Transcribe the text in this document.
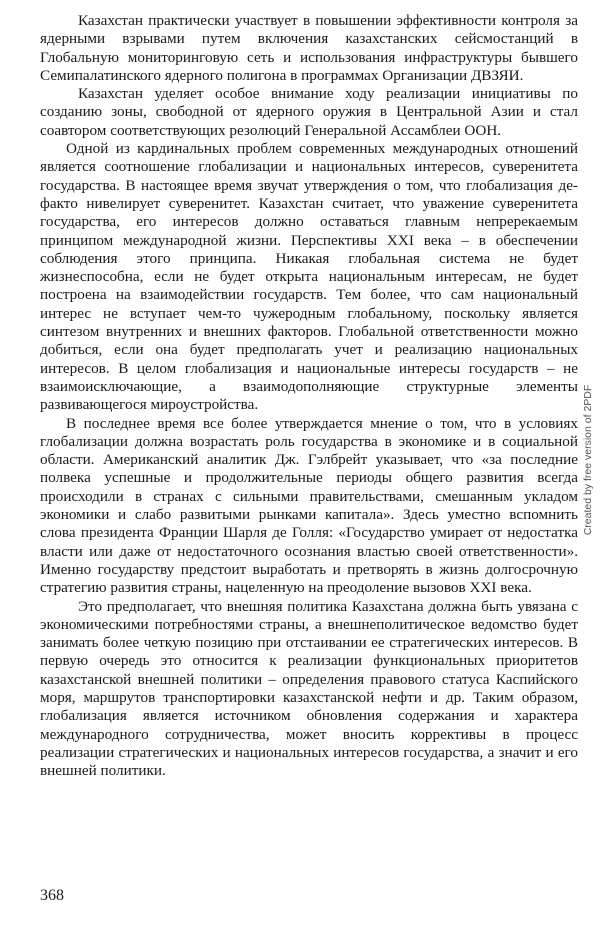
Казахстан практически участвует в повышении эффективности контроля за ядерными взрывами путем включения казахстанских сейсмостанций в Глобальную мониторинговую сеть и использования инфраструктуры бывшего Семипалатинского ядерного полигона в программах Организации ДВЗЯИ.

Казахстан уделяет особое внимание ходу реализации инициативы по созданию зоны, свободной от ядерного оружия в Центральной Азии и стал соавтором соответствующих резолюций Генеральной Ассамблеи ООН.

Одной из кардинальных проблем современных международных отношений является соотношение глобализации и национальных интересов, суверенитета государства. В настоящее время звучат утверждения о том, что глобализация де-факто нивелирует суверенитет. Казахстан считает, что уважение суверенитета государства, его интересов должно оставаться главным непререкаемым принципом международной жизни. Перспективы XXI века – в обеспечении соблюдения этого принципа. Никакая глобальная система не будет жизнеспособна, если не будет открыта национальным интересам, не будет построена на взаимодействии государств. Тем более, что сам национальный интерес не вступает чем-то чужеродным глобальному, поскольку является синтезом внутренних и внешних факторов. Глобальной ответственности можно добиться, если она будет предполагать учет и реализацию национальных интересов. В целом глобализация и национальные интересы государств – не взаимоисключающие, а взаимодополняющие структурные элементы развивающегося мироустройства.

В последнее время все более утверждается мнение о том, что в условиях глобализации должна возрастать роль государства в экономике и в социальной области. Американский аналитик Дж. Гэлбрейт указывает, что «за последние полвека успешные и продолжительные периоды общего развития всегда происходили в странах с сильными правительствами, смешанным укладом экономики и слабо развитыми рынками капитала». Здесь уместно вспомнить слова президента Франции Шарля де Голля: «Государство умирает от недостатка власти или даже от недостаточного осознания властью своей ответственности». Именно государству предстоит выработать и претворять в жизнь долгосрочную стратегию развития страны, нацеленную на преодоление вызовов XXI века.

Это предполагает, что внешняя политика Казахстана должна быть увязана с экономическими потребностями страны, а внешнеполитическое ведомство будет занимать более четкую позицию при отстаивании ее стратегических интересов. В первую очередь это относится к реализации функциональных приоритетов казахстанской внешней политики – определения правового статуса Каспийского моря, маршрутов транспортировки казахстанской нефти и др. Таким образом, глобализация является источником обновления содержания и характера международного сотрудничества, может вносить коррективы в процесс реализации стратегических и национальных интересов государства, а значит и его внешней политики.

368
Created by free version of 2PDF
